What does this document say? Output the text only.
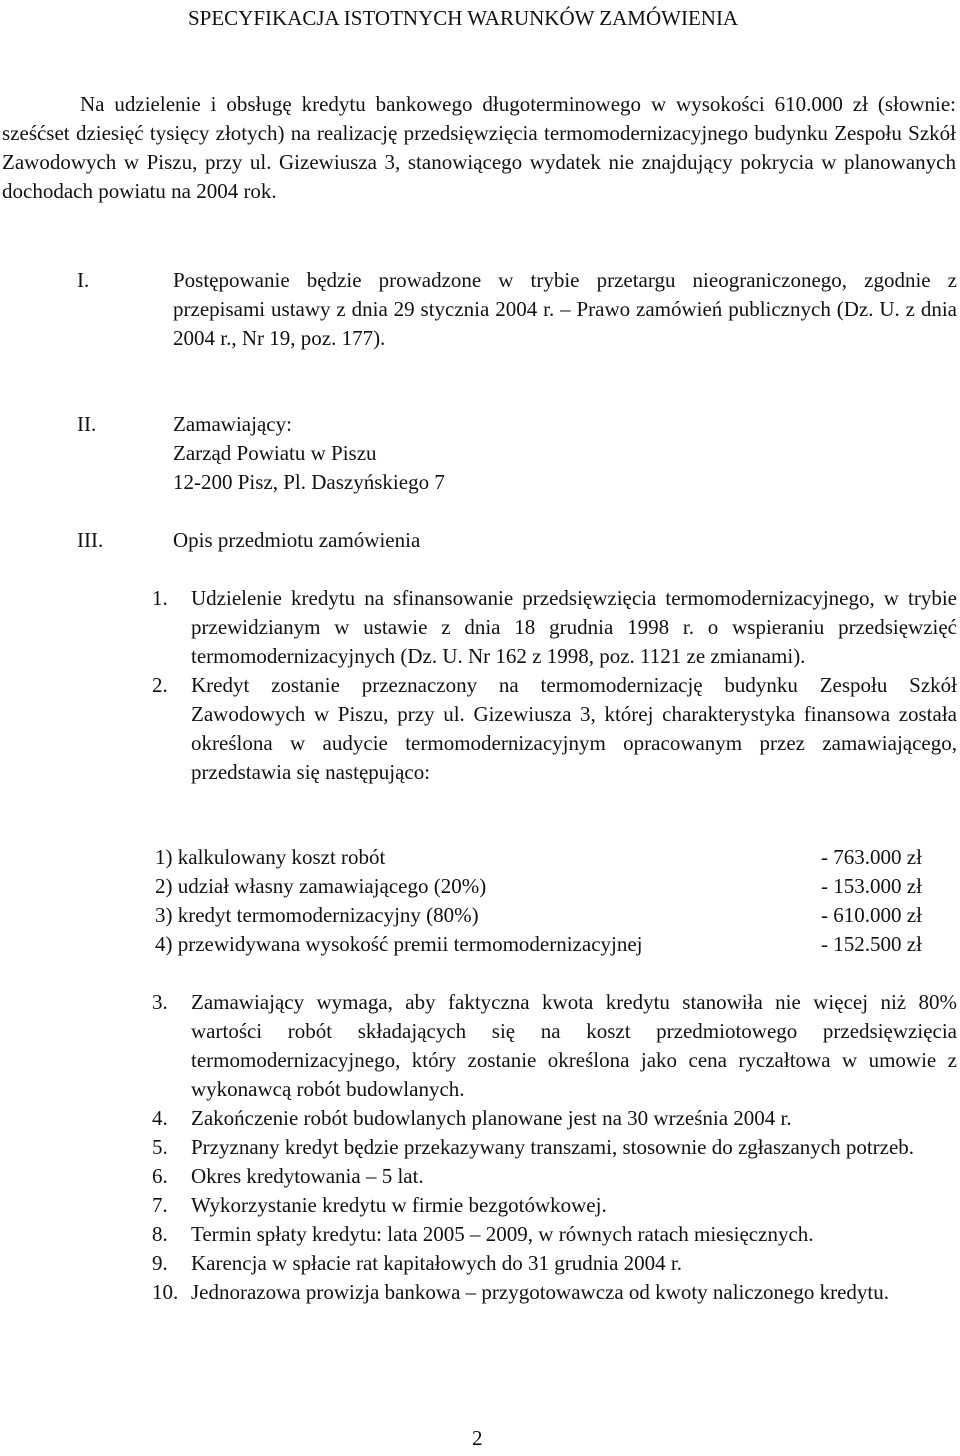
SPECYFIKACJA ISTOTNYCH WARUNKÓW ZAMÓWIENIA
Na udzielenie i obsługę kredytu bankowego długoterminowego w wysokości 610.000 zł (słownie: sześćset dziesięć tysięcy złotych) na realizację przedsięwzięcia termomodernizacyjnego budynku Zespołu Szkół Zawodowych w Piszu, przy ul. Gizewiusza 3, stanowiącego wydatek nie znajdujący pokrycia w planowanych dochodach powiatu na 2004 rok.
I.	Postępowanie będzie prowadzone w trybie przetargu nieograniczonego, zgodnie z przepisami ustawy z dnia 29 stycznia 2004 r. – Prawo zamówień publicznych (Dz. U. z dnia 2004 r., Nr 19, poz. 177).
II.	Zamawiający:
Zarząd Powiatu w Piszu
12-200 Pisz, Pl. Daszyńskiego 7
III.	Opis przedmiotu zamówienia
1. Udzielenie kredytu na sfinansowanie przedsięwzięcia termomodernizacyjnego, w trybie przewidzianym w ustawie z dnia 18 grudnia 1998 r. o wspieraniu przedsięwzięć termomodernizacyjnych (Dz. U. Nr 162 z 1998, poz. 1121 ze zmianami).
2. Kredyt zostanie przeznaczony na termomodernizację budynku Zespołu Szkół Zawodowych w Piszu, przy ul. Gizewiusza 3, której charakterystyka finansowa została określona w audycie termomodernizacyjnym opracowanym przez zamawiającego, przedstawia się następująco:
1) kalkulowany koszt robót	- 763.000 zł
2) udział własny zamawiającego (20%)	- 153.000 zł
3) kredyt termomodernizacyjny (80%)	- 610.000 zł
4) przewidywana wysokość premii termomodernizacyjnej	- 152.500 zł
3. Zamawiający wymaga, aby faktyczna kwota kredytu stanowiła nie więcej niż 80% wartości robót składających się na koszt przedmiotowego przedsięwzięcia termomodernizacyjnego, który zostanie określona jako cena ryczałtowa w umowie z wykonawcą robót budowlanych.
4. Zakończenie robót budowlanych planowane jest na 30 września 2004 r.
5. Przyznany kredyt będzie przekazywany transzami, stosownie do zgłaszanych potrzeb.
6. Okres kredytowania – 5 lat.
7. Wykorzystanie kredytu w firmie bezgotówkowej.
8. Termin spłaty kredytu: lata 2005 – 2009, w równych ratach miesięcznych.
9. Karencja w spłacie rat kapitałowych do 31 grudnia 2004 r.
10. Jednorazowa prowizja bankowa – przygotowawcza od kwoty naliczonego kredytu.
2
